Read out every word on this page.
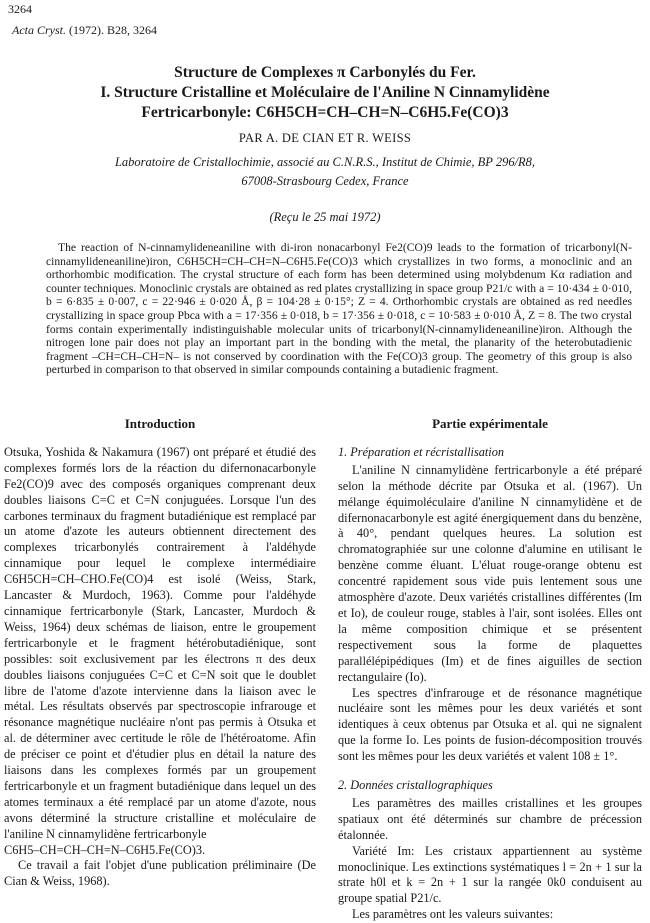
3264
Acta Cryst. (1972). B28, 3264
Structure de Complexes π Carbonylés du Fer.
I. Structure Cristalline et Moléculaire de l'Aniline N Cinnamylidène
Fertricarbonyle: C6H5CH=CH–CH=N–C6H5.Fe(CO)3
PAR A. DE CIAN ET R. WEISS
Laboratoire de Cristallochimie, associé au C.N.R.S., Institut de Chimie, BP 296/R8,
67008-Strasbourg Cedex, France
(Reçu le 25 mai 1972)

The reaction of N-cinnamylideneaniline with di-iron nonacarbonyl Fe2(CO)9 leads to the formation of tricarbonyl(N-cinnamylideneaniline)iron, C6H5CH=CH–CH=N–C6H5.Fe(CO)3 which crystallizes in two forms, a monoclinic and an orthorhombic modification. The crystal structure of each form has been determined using molybdenum Kα radiation and counter techniques. Monoclinic crystals are obtained as red plates crystallizing in space group P21/c with a = 10·434 ± 0·010, b = 6·835 ± 0·007, c = 22·946 ± 0·020 Å, β = 104·28 ± 0·15°; Z = 4. Orthorhombic crystals are obtained as red needles crystallizing in space group Pbca with a = 17·356 ± 0·018, b = 17·356 ± 0·018, c = 10·583 ± 0·010 Å, Z = 8. The two crystal forms contain experimentally indistinguishable molecular units of tricarbonyl(N-cinnamylideneaniline)iron. Although the nitrogen lone pair does not play an important part in the bonding with the metal, the planarity of the heterobutadienic fragment –CH=CH–CH=N– is not conserved by coordination with the Fe(CO)3 group. The geometry of this group is also perturbed in comparison to that observed in similar compounds containing a butadienic fragment.

Introduction

Otsuka, Yoshida & Nakamura (1967) ont préparé et étudié des complexes formés lors de la réaction du difernonacarbonyle Fe2(CO)9 avec des composés organiques comprenant deux doubles liaisons C=C et C=N conjuguées. Lorsque l'un des carbones terminaux du fragment butadiénique est remplacé par un atome d'azote les auteurs obtiennent directement des complexes tricarbonylés contrairement à l'aldéhyde cinnamique pour lequel le complexe intermédiaire C6H5CH=CH–CHO.Fe(CO)4 est isolé (Weiss, Stark, Lancaster & Murdoch, 1963). Comme pour l'aldéhyde cinnamique fertricarbonyle (Stark, Lancaster, Murdoch & Weiss, 1964) deux schémas de liaison, entre le groupement fertricarbonyle et le fragment hétérobutadiénique, sont possibles: soit exclusivement par les électrons π des deux doubles liaisons conjuguées C=C et C=N soit que le doublet libre de l'atome d'azote intervienne dans la liaison avec le métal. Les résultats observés par spectroscopie infrarouge et résonance magnétique nucléaire n'ont pas permis à Otsuka et al. de déterminer avec certitude le rôle de l'hétéroatome. Afin de préciser ce point et d'étudier plus en détail la nature des liaisons dans les complexes formés par un groupement fertricarbonyle et un fragment butadiénique dans lequel un des atomes terminaux a été remplacé par un atome d'azote, nous avons déterminé la structure cristalline et moléculaire de l'aniline N cinnamylidène fertricarbonyle

C6H5–CH=CH–CH=N–C6H5.Fe(CO)3.

Ce travail a fait l'objet d'une publication préliminaire (De Cian & Weiss, 1968).

Partie expérimentale
1. Préparation et récristallisation

L'aniline N cinnamylidène fertricarbonyle a été préparé selon la méthode décrite par Otsuka et al. (1967). Un mélange équimoléculaire d'aniline N cinnamylidène et de difernonacarbonyle est agité énergiquement dans du benzène, à 40°, pendant quelques heures. La solution est chromatographiée sur une colonne d'alumine en utilisant le benzène comme éluant. L'éluat rouge-orange obtenu est concentré rapidement sous vide puis lentement sous une atmosphère d'azote. Deux variétés cristallines différentes (Im et Io), de couleur rouge, stables à l'air, sont isolées. Elles ont la même composition chimique et se présentent respectivement sous la forme de plaquettes parallélépipédiques (Im) et de fines aiguilles de section rectangulaire (Io).

Les spectres d'infrarouge et de résonance magnétique nucléaire sont les mêmes pour les deux variétés et sont identiques à ceux obtenus par Otsuka et al. qui ne signalent que la forme Io. Les points de fusion-décomposition trouvés sont les mêmes pour les deux variétés et valent 108 ± 1°.

2. Données cristallographiques

Les paramètres des mailles cristallines et les groupes spatiaux ont été déterminés sur chambre de précession étalonnée.

Variété Im: Les cristaux appartiennent au système monoclinique. Les extinctions systématiques l = 2n + 1 sur la strate h0l et k = 2n + 1 sur la rangée 0k0 conduisent au groupe spatial P21/c.

Les paramètres ont les valeurs suivantes:
